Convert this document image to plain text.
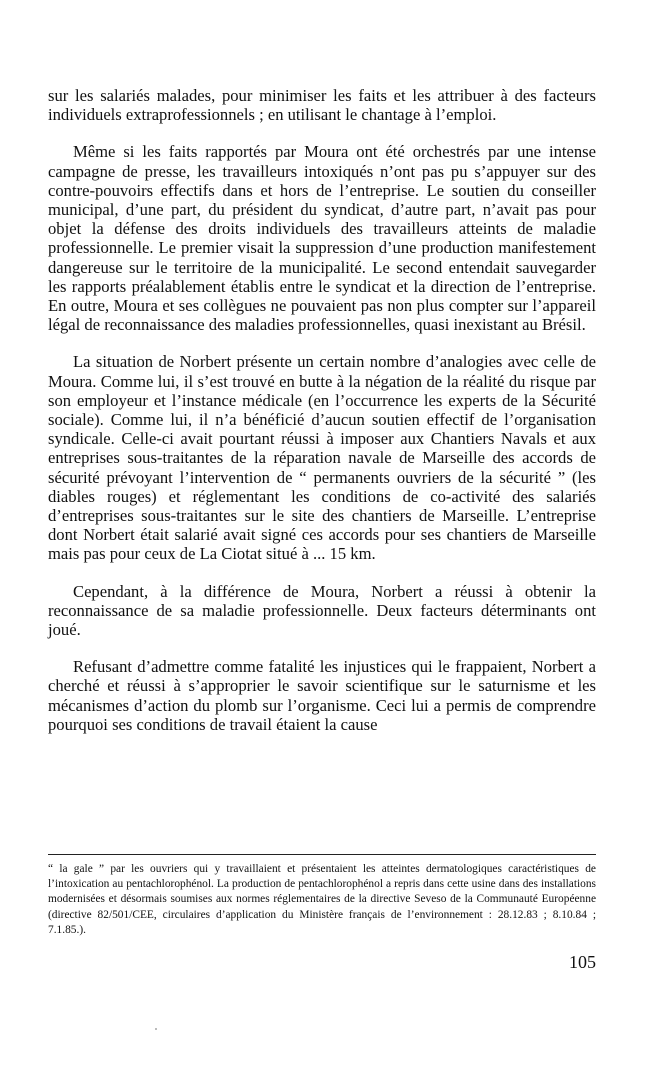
sur les salariés malades, pour minimiser les faits et les attribuer à des facteurs individuels extraprofessionnels ; en utilisant le chantage à l’emploi.

Même si les faits rapportés par Moura ont été orchestrés par une intense campagne de presse, les travailleurs intoxiqués n’ont pas pu s’appuyer sur des contre-pouvoirs effectifs dans et hors de l’entreprise. Le soutien du conseiller municipal, d’une part, du président du syndicat, d’autre part, n’avait pas pour objet la défense des droits individuels des travailleurs atteints de maladie professionnelle. Le premier visait la suppression d’une production manifestement dangereuse sur le territoire de la municipalité. Le second entendait sauvegarder les rapports préalablement établis entre le syndicat et la direction de l’entreprise. En outre, Moura et ses collègues ne pouvaient pas non plus compter sur l’appareil légal de reconnaissance des maladies professionnelles, quasi inexistant au Brésil.

La situation de Norbert présente un certain nombre d’analogies avec celle de Moura. Comme lui, il s’est trouvé en butte à la négation de la réalité du risque par son employeur et l’instance médicale (en l’occurrence les experts de la Sécurité sociale). Comme lui, il n’a bénéficié d’aucun soutien effectif de l’organisation syndicale. Celle-ci avait pourtant réussi à imposer aux Chantiers Navals et aux entreprises sous-traitantes de la réparation navale de Marseille des accords de sécurité prévoyant l’intervention de “ permanents ouvriers de la sécurité ” (les diables rouges) et réglementant les conditions de co-activité des salariés d’entreprises sous-traitantes sur le site des chantiers de Marseille. L’entreprise dont Norbert était salarié avait signé ces accords pour ses chantiers de Marseille mais pas pour ceux de La Ciotat situé à ... 15 km.

Cependant, à la différence de Moura, Norbert a réussi à obtenir la reconnaissance de sa maladie professionnelle. Deux facteurs déterminants ont joué.

Refusant d’admettre comme fatalité les injustices qui le frappaient, Norbert a cherché et réussi à s’approprier le savoir scientifique sur le saturnisme et les mécanismes d’action du plomb sur l’organisme. Ceci lui a permis de comprendre pourquoi ses conditions de travail étaient la cause

“ la gale ” par les ouvriers qui y travaillaient et présentaient les atteintes dermatologiques caractéristiques de l’intoxication au pentachlorophénol. La production de pentachlorophénol a repris dans cette usine dans des installations modernisées et désormais soumises aux normes réglementaires de la directive Seveso de la Communauté Européenne (directive 82/501/CEE, circulaires d’application du Ministère français de l’environnement : 28.12.83 ; 8.10.84 ; 7.1.85.).
105
